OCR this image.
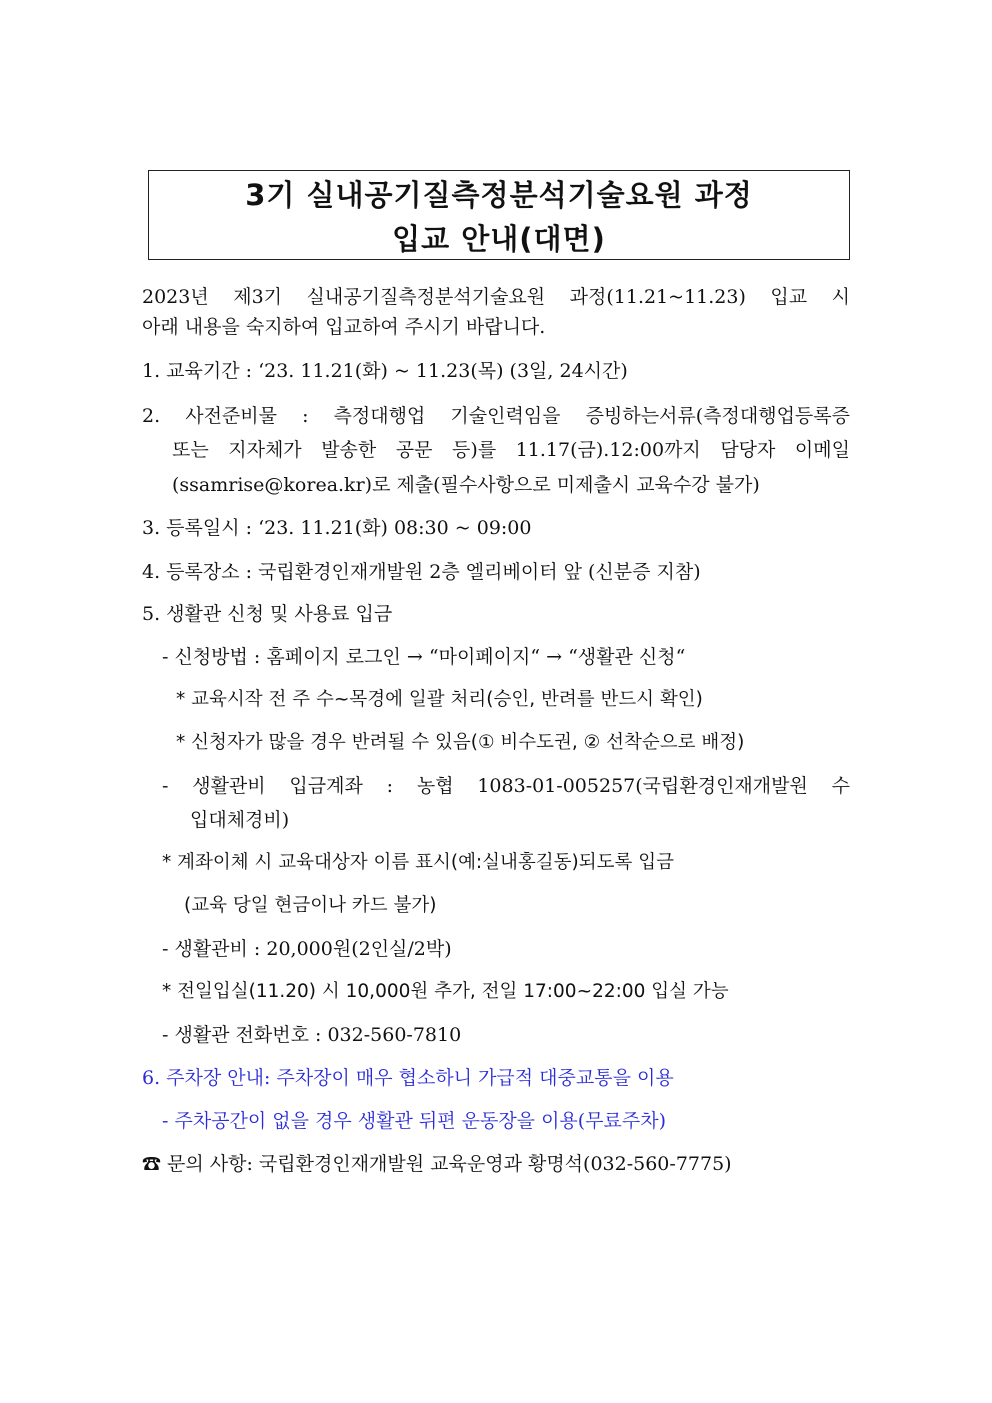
3기 실내공기질측정분석기술요원 과정
입교 안내(대면)
2023년 제3기 실내공기질측정분석기술요원 과정(11.21~11.23) 입교 시
아래 내용을 숙지하여 입교하여 주시기 바랍니다.
1. 교육기간 : ‘23. 11.21(화) ~ 11.23(목) (3일, 24시간)
2. 사전준비물 : 측정대행업 기술인력임을 증빙하는서류(측정대행업등록증
또는 지자체가 발송한 공문 등)를 11.17(금).12:00까지 담당자 이메일
(ssamrise@korea.kr)로 제출(필수사항으로 미제출시 교육수강 불가)
3. 등록일시 : ‘23. 11.21(화) 08:30 ~ 09:00
4. 등록장소 : 국립환경인재개발원 2층 엘리베이터 앞 (신분증 지참)
5. 생활관 신청 및 사용료 입금
- 신청방법 : 홈페이지 로그인 → “마이페이지“ → “생활관 신청“
* 교육시작 전 주 수~목경에 일괄 처리(승인, 반려를 반드시 확인)
* 신청자가 많을 경우 반려될 수 있음(① 비수도권, ② 선착순으로 배정)
- 생활관비 입금계좌 : 농협 1083-01-005257(국립환경인재개발원 수
입대체경비)
* 계좌이체 시 교육대상자 이름 표시(예:실내홍길동)되도록 입금
(교육 당일 현금이나 카드 불가)
- 생활관비 : 20,000원(2인실/2박)
* 전일입실(11.20) 시 10,000원 추가, 전일 17:00~22:00 입실 가능
- 생활관 전화번호 : 032-560-7810
6. 주차장 안내: 주차장이 매우 협소하니 가급적 대중교통을 이용
- 주차공간이 없을 경우 생활관 뒤편 운동장을 이용(무료주차)
☎ 문의 사항: 국립환경인재개발원 교육운영과 황명석(032-560-7775)
